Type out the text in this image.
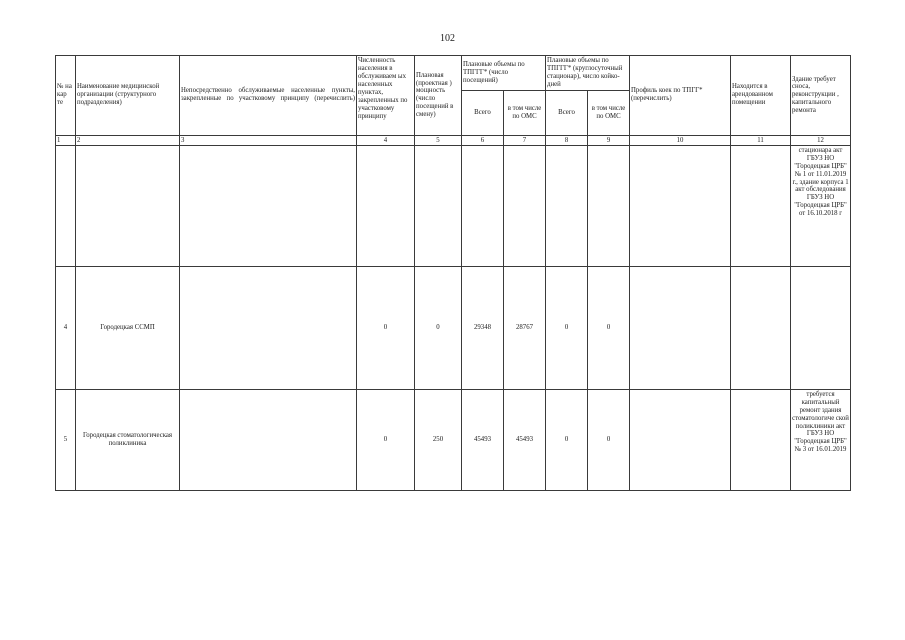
102
№ на кар те	Наименование медицинской организации (структурного подразделения)	Непосредственно обслуживаемые населенные пункты, закрепленные по участковому принципу (перечислить)	Численность населения в обслуживаем ых населенных пунктах, закрепленных по участковому принципу	Плановая (проектная ) мощность (число посещений в смену)	Плановые объемы по ТПГГГ* (число посещений)		Плановые объемы по ТПГГГ* (круглосуточный стационар), число койко-дней		Профиль коек по ТПГГ* (перечислить)	Находится в арендованном помещении	Здание требует сноса, реконструкции , капитального ремонта
					Всего	в том числе по ОМС	Всего	в том числе по ОМС			
1	2	3	4	5	6	7	8	9	10	11	12

											стационара акт ГБУЗ НО "Городецкая ЦРБ" № 1 от 11.01.2019 г., здание корпуса 1 акт обследования ГБУЗ НО "Городецкая ЦРБ" от 16.10.2018 г

4	Городецкая ССМП		0	0	29348	28767	0	0			

5	Городецкая стоматологическая поликлиника		0	250	45493	45493	0	0			требуется капитальный ремонт здания стоматологиче ской поликлиники акт ГБУЗ НО "Городецкая ЦРБ" № 3 от 16.01.2019
